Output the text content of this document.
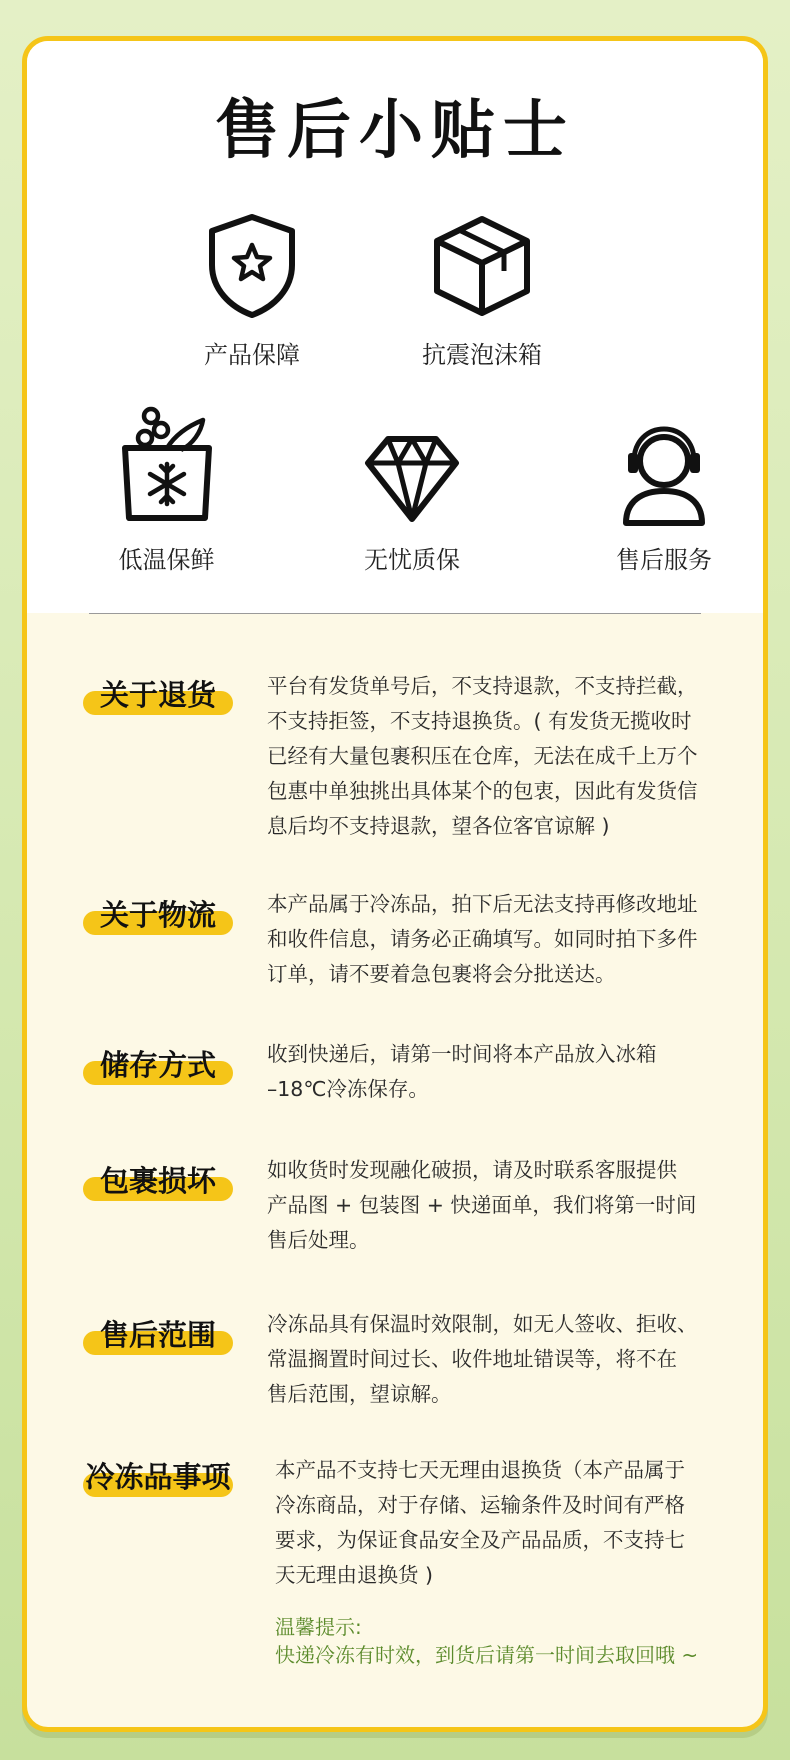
售后小贴士
产品保障	抗震泡沫箱
低温保鲜	无忧质保	售后服务
关于退货	平台有发货单号后，不支持退款，不支持拦截，
不支持拒签，不支持退换货。( 有发货无揽收时
已经有大量包裹积压在仓库，无法在成千上万个
包惠中单独挑出具体某个的包衷，因此有发货信
息后均不支持退款，望各位客官谅解 )
关于物流	本产品属于冷冻品，拍下后无法支持再修改地址
和收件信息，请务必正确填写。如同时拍下多件
订单，请不要着急包裹将会分批送达。
储存方式	收到快递后，请第一时间将本产品放入冰箱
–18℃冷冻保存。
包裹损坏	如收货时发现融化破损，请及时联系客服提供
产品图 + 包装图 + 快递面单，我们将第一时间
售后处理。
售后范围	冷冻品具有保温时效限制，如无人签收、拒收、
常温搁置时间过长、收件地址错误等，将不在
售后范围，望谅解。
冷冻品事项 本产品不支持七天无理由退换货（本产品属于
冷冻商品，对于存储、运输条件及时间有严格
要求，为保证食品安全及产品品质，不支持七
天无理由退换货 )
温馨提示:
快递冷冻有时效，到货后请第一时间去取回哦 ~
